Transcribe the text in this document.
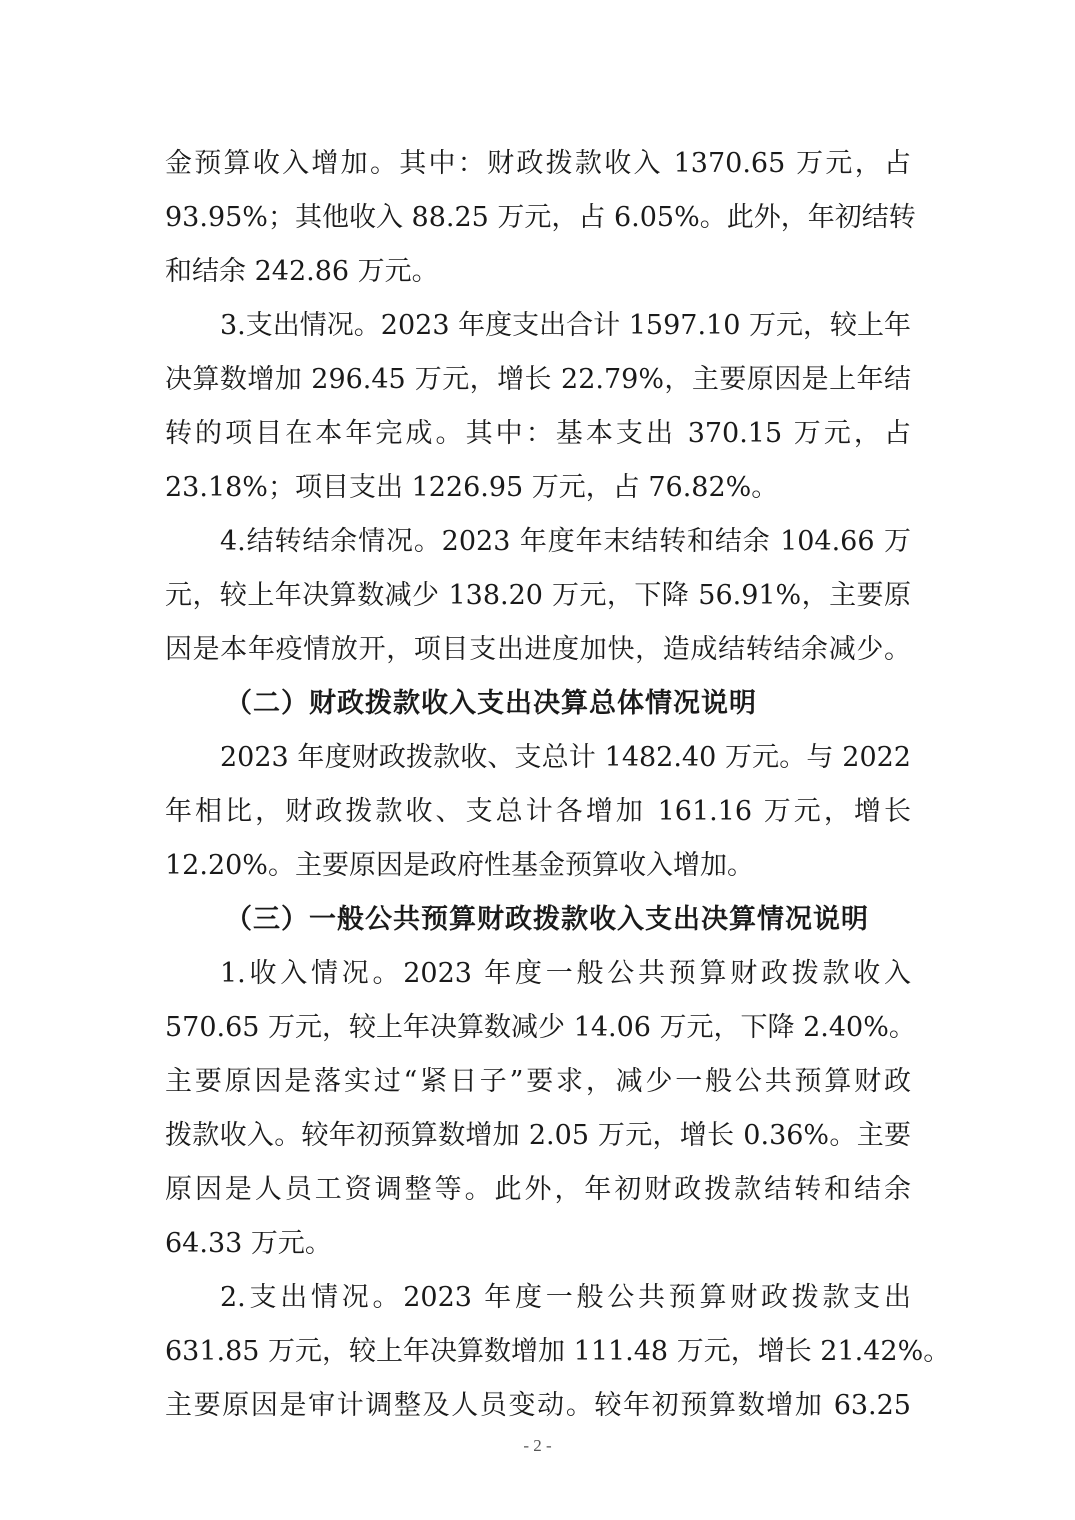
金预算收入增加。其中：财政拨款收入 1370.65 万元，占
93.95%；其他收入 88.25 万元，占 6.05%。此外，年初结转
和结余 242.86 万元。
3.支出情况。2023 年度支出合计 1597.10 万元，较上年
决算数增加 296.45 万元，增长 22.79%，主要原因是上年结
转的项目在本年完成。其中：基本支出 370.15 万元，占
23.18%；项目支出 1226.95 万元，占 76.82%。
4.结转结余情况。2023 年度年末结转和结余 104.66 万
元，较上年决算数减少 138.20 万元，下降 56.91%，主要原
因是本年疫情放开，项目支出进度加快，造成结转结余减少。
（二）财政拨款收入支出决算总体情况说明
2023 年度财政拨款收、支总计 1482.40 万元。与 2022
年相比，财政拨款收、支总计各增加 161.16 万元，增长
12.20%。主要原因是政府性基金预算收入增加。
（三）一般公共预算财政拨款收入支出决算情况说明
1.收入情况。2023 年度一般公共预算财政拨款收入
570.65 万元，较上年决算数减少 14.06 万元，下降 2.40%。
主要原因是落实过“紧日子”要求，减少一般公共预算财政
拨款收入。较年初预算数增加 2.05 万元，增长 0.36%。主要
原因是人员工资调整等。此外，年初财政拨款结转和结余
64.33 万元。
2.支出情况。2023 年度一般公共预算财政拨款支出
631.85 万元，较上年决算数增加 111.48 万元，增长 21.42%。
主要原因是审计调整及人员变动。较年初预算数增加 63.25
- 2 -
